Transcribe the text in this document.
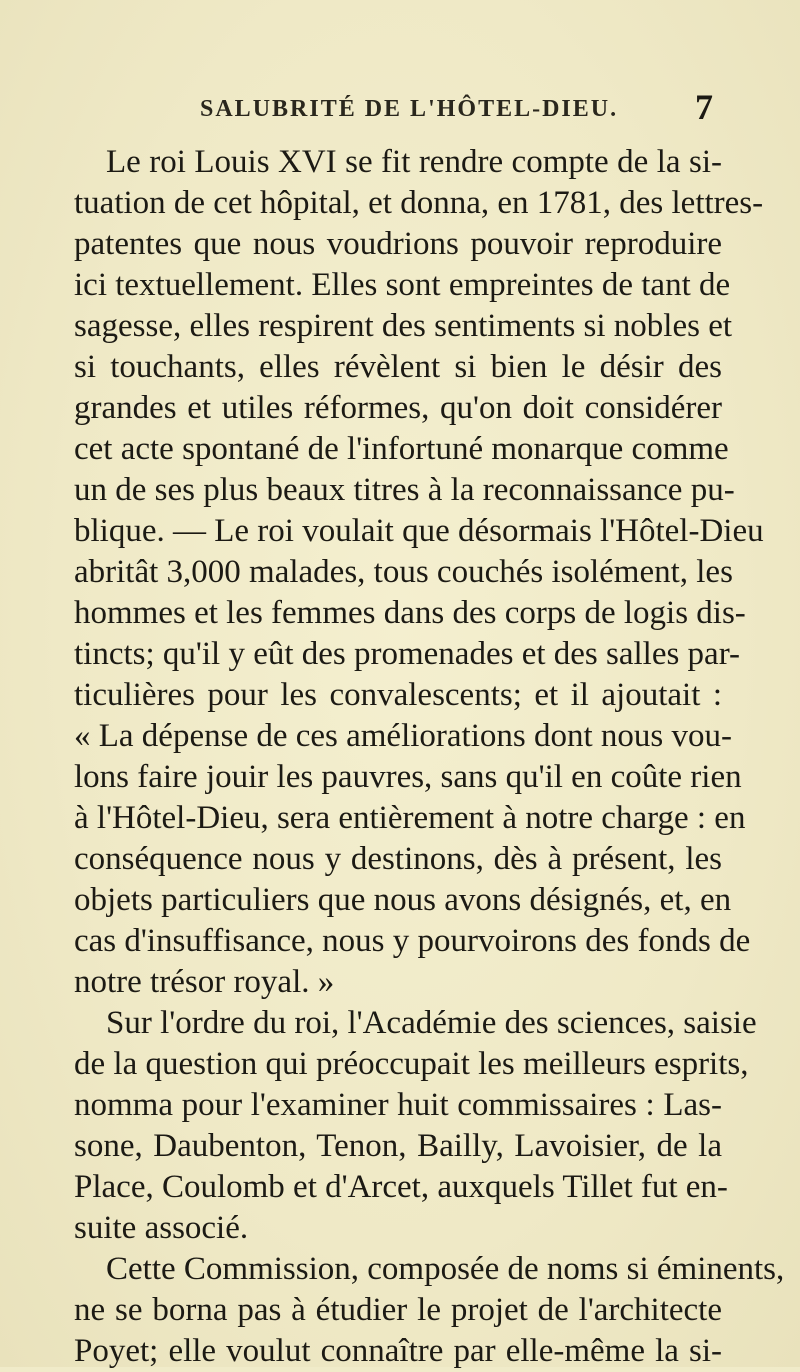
SALUBRITÉ DE L'HÔTEL-DIEU. 7
Le roi Louis XVI se fit rendre compte de la si-
tuation de cet hôpital, et donna, en 1781, des lettres-
patentes que nous voudrions pouvoir reproduire
ici textuellement. Elles sont empreintes de tant de
sagesse, elles respirent des sentiments si nobles et
si touchants, elles révèlent si bien le désir des
grandes et utiles réformes, qu'on doit considérer
cet acte spontané de l'infortuné monarque comme
un de ses plus beaux titres à la reconnaissance pu-
blique. — Le roi voulait que désormais l'Hôtel-Dieu
abritât 3,000 malades, tous couchés isolément, les
hommes et les femmes dans des corps de logis dis-
tincts; qu'il y eût des promenades et des salles par-
ticulières pour les convalescents; et il ajoutait :
« La dépense de ces améliorations dont nous vou-
lons faire jouir les pauvres, sans qu'il en coûte rien
à l'Hôtel-Dieu, sera entièrement à notre charge : en
conséquence nous y destinons, dès à présent, les
objets particuliers que nous avons désignés, et, en
cas d'insuffisance, nous y pourvoirons des fonds de
notre trésor royal. »
Sur l'ordre du roi, l'Académie des sciences, saisie
de la question qui préoccupait les meilleurs esprits,
nomma pour l'examiner huit commissaires : Las-
sone, Daubenton, Tenon, Bailly, Lavoisier, de la
Place, Coulomb et d'Arcet, auxquels Tillet fut en-
suite associé.
Cette Commission, composée de noms si éminents,
ne se borna pas à étudier le projet de l'architecte
Poyet; elle voulut connaître par elle-même la si-
